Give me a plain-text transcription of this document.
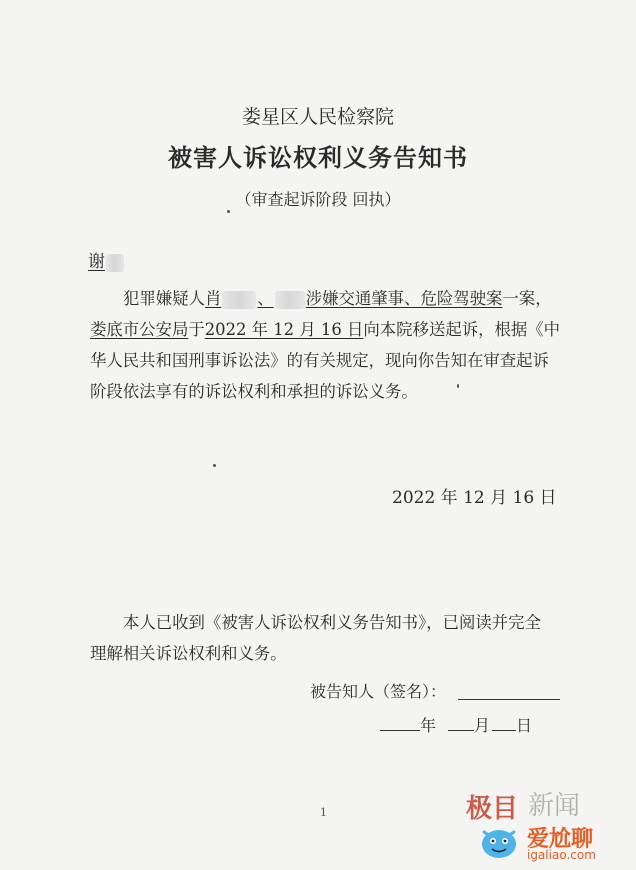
娄星区人民检察院
被害人诉讼权利义务告知书
（审查起诉阶段 回执）
谢
犯罪嫌疑人肖 、 涉嫌交通肇事、危险驾驶案一案，
娄底市公安局于2022 年 12 月 16 日向本院移送起诉，根据《中
华人民共和国刑事诉讼法》的有关规定，现向你告知在审查起诉
阶段依法享有的诉讼权利和承担的诉讼义务。
2022 年 12 月 16 日
本人已收到《被害人诉讼权利义务告知书》，已阅读并完全
理解相关诉讼权利和义务。
被告知人（签名）：
年 月 日
1	极目 新闻
爱尬聊
igaliao.com
